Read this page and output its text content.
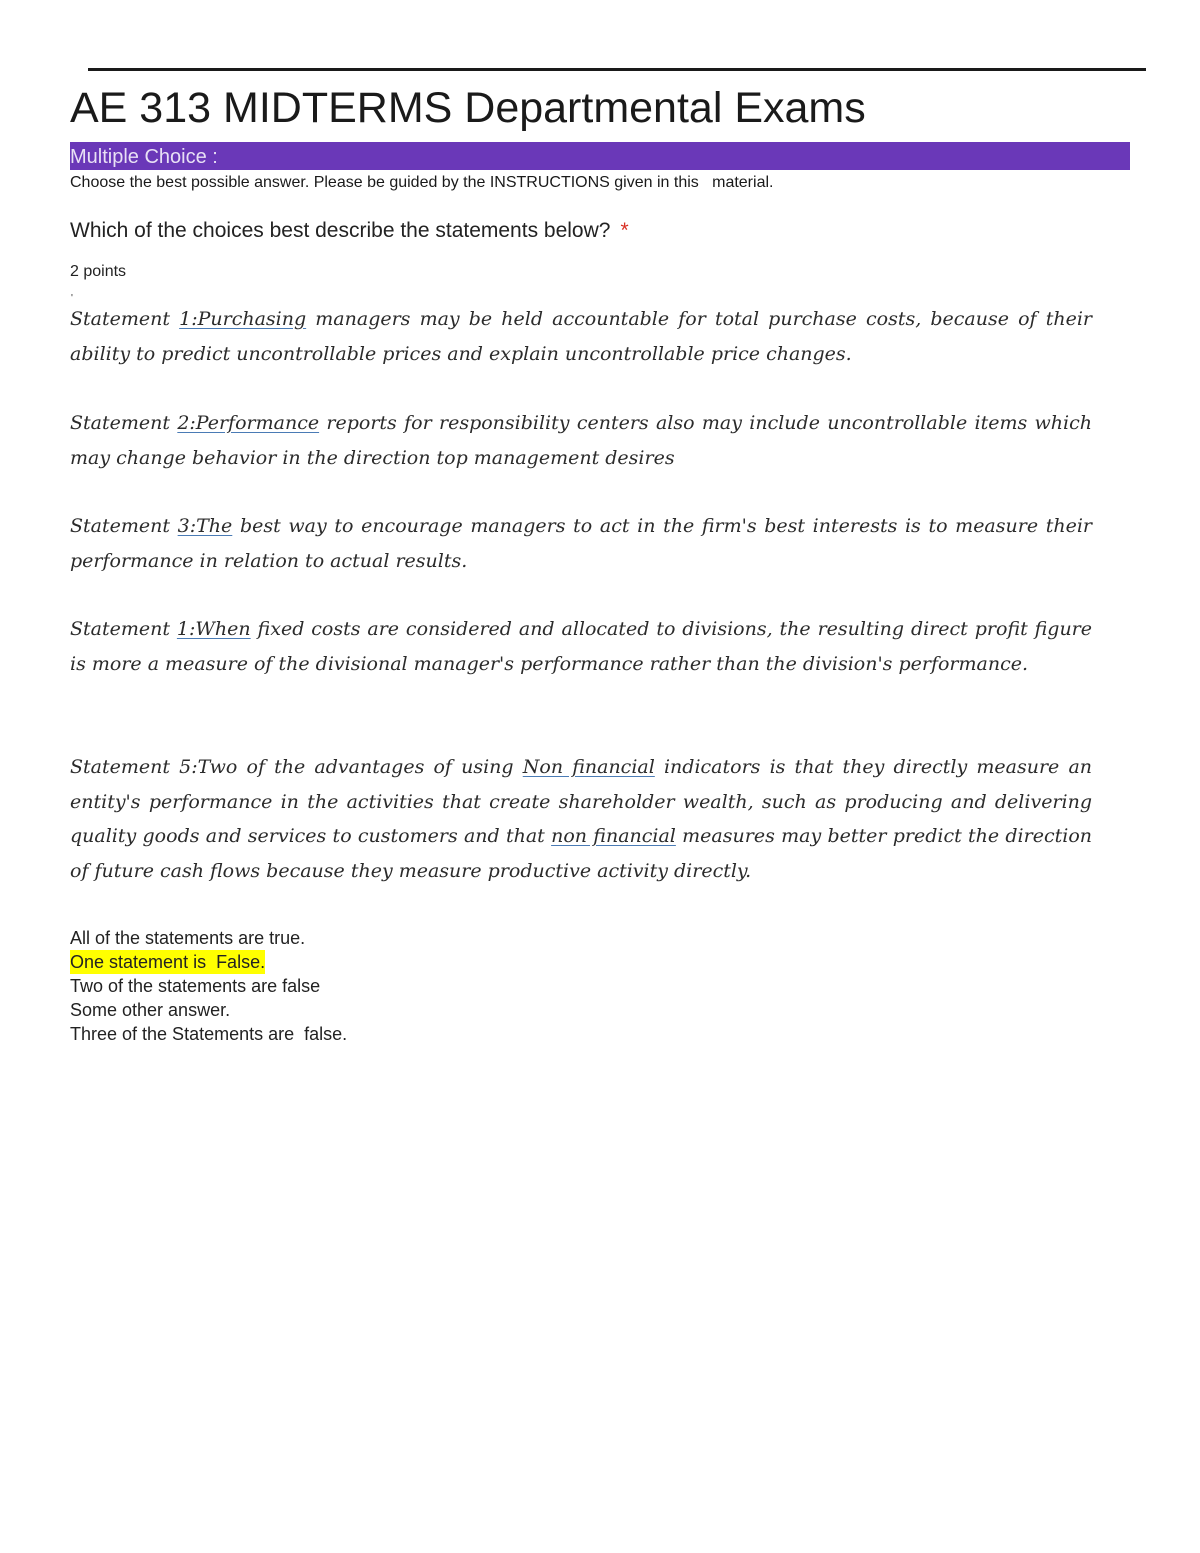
AE 313 MIDTERMS Departmental Exams
Multiple Choice :
Choose the best possible answer. Please be guided by the INSTRUCTIONS given in this   material.
Which of the choices best describe the statements below? *
2 points
'
Statement 1:Purchasing managers may be held accountable for total purchase costs, because of their ability to predict uncontrollable prices and explain uncontrollable price changes.
Statement 2:Performance reports for responsibility centers also may include uncontrollable items which may change behavior in the direction top management desires
Statement 3:The best way to encourage managers to act in the firm's best interests is to measure their performance in relation to actual results.
Statement 1:When fixed costs are considered and allocated to divisions, the resulting direct profit figure is more a measure of the divisional manager's performance rather than the division's performance.
Statement 5:Two of the advantages of using Non financial indicators is that they directly measure an entity's performance in the activities that create shareholder wealth, such as producing and delivering quality goods and services to customers and that non financial measures may better predict the direction of future cash flows because they measure productive activity directly.
All of the statements are true.
One statement is  False.
Two of the statements are false
Some other answer.
Three of the Statements are  false.
